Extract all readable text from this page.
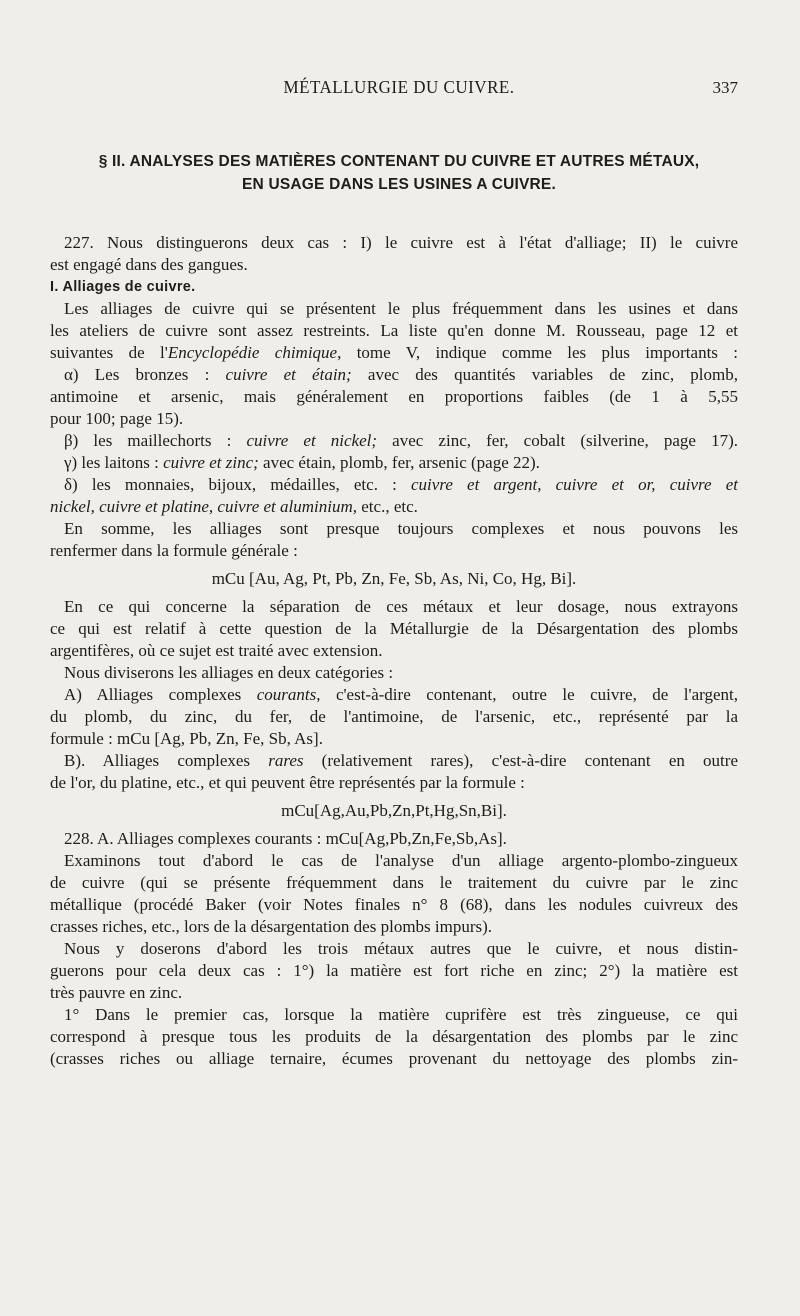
MÉTALLURGIE DU CUIVRE.	337
§ II. ANALYSES DES MATIÈRES CONTENANT DU CUIVRE ET AUTRES MÉTAUX,
EN USAGE DANS LES USINES A CUIVRE.

227. Nous distinguerons deux cas : I) le cuivre est à l'état d'alliage; II) le cuivre
est engagé dans des gangues.

I. Alliages de cuivre.

Les alliages de cuivre qui se présentent le plus fréquemment dans les usines et dans
les ateliers de cuivre sont assez restreints. La liste qu'en donne M. Rousseau, page 12 et
suivantes de l'Encyclopédie chimique, tome V, indique comme les plus importants :

α) Les bronzes : cuivre et étain; avec des quantités variables de zinc, plomb,
antimoine et arsenic, mais généralement en proportions faibles (de 1 à 5,55
pour 100; page 15).

β) les maillechorts : cuivre et nickel; avec zinc, fer, cobalt (silverine, page 17).

γ) les laitons : cuivre et zinc; avec étain, plomb, fer, arsenic (page 22).

δ) les monnaies, bijoux, médailles, etc. : cuivre et argent, cuivre et or, cuivre et
nickel, cuivre et platine, cuivre et aluminium, etc., etc.

En somme, les alliages sont presque toujours complexes et nous pouvons les
renfermer dans la formule générale :

mCu [Au, Ag, Pt, Pb, Zn, Fe, Sb, As, Ni, Co, Hg, Bi].

En ce qui concerne la séparation de ces métaux et leur dosage, nous extrayons
ce qui est relatif à cette question de la Métallurgie de la Désargentation des plombs
argentifères, où ce sujet est traité avec extension.

Nous diviserons les alliages en deux catégories :

A) Alliages complexes courants, c'est-à-dire contenant, outre le cuivre, de l'argent,
du plomb, du zinc, du fer, de l'antimoine, de l'arsenic, etc., représenté par la
formule : mCu [Ag, Pb, Zn, Fe, Sb, As].

B). Alliages complexes rares (relativement rares), c'est-à-dire contenant en outre
de l'or, du platine, etc., et qui peuvent être représentés par la formule :

mCu[Ag,Au,Pb,Zn,Pt,Hg,Sn,Bi].

228. A. Alliages complexes courants : mCu[Ag,Pb,Zn,Fe,Sb,As].
Examinons tout d'abord le cas de l'analyse d'un alliage argento-plombo-zingueux
de cuivre (qui se présente fréquemment dans le traitement du cuivre par le zinc
métallique (procédé Baker (voir Notes finales n° 8 (68), dans les nodules cuivreux des
crasses riches, etc., lors de la désargentation des plombs impurs).

Nous y doserons d'abord les trois métaux autres que le cuivre, et nous distin-
guerons pour cela deux cas : 1°) la matière est fort riche en zinc; 2°) la matière est
très pauvre en zinc.

1° Dans le premier cas, lorsque la matière cuprifère est très zingueuse, ce qui
correspond à presque tous les produits de la désargentation des plombs par le zinc
(crasses riches ou alliage ternaire, écumes provenant du nettoyage des plombs zin-
